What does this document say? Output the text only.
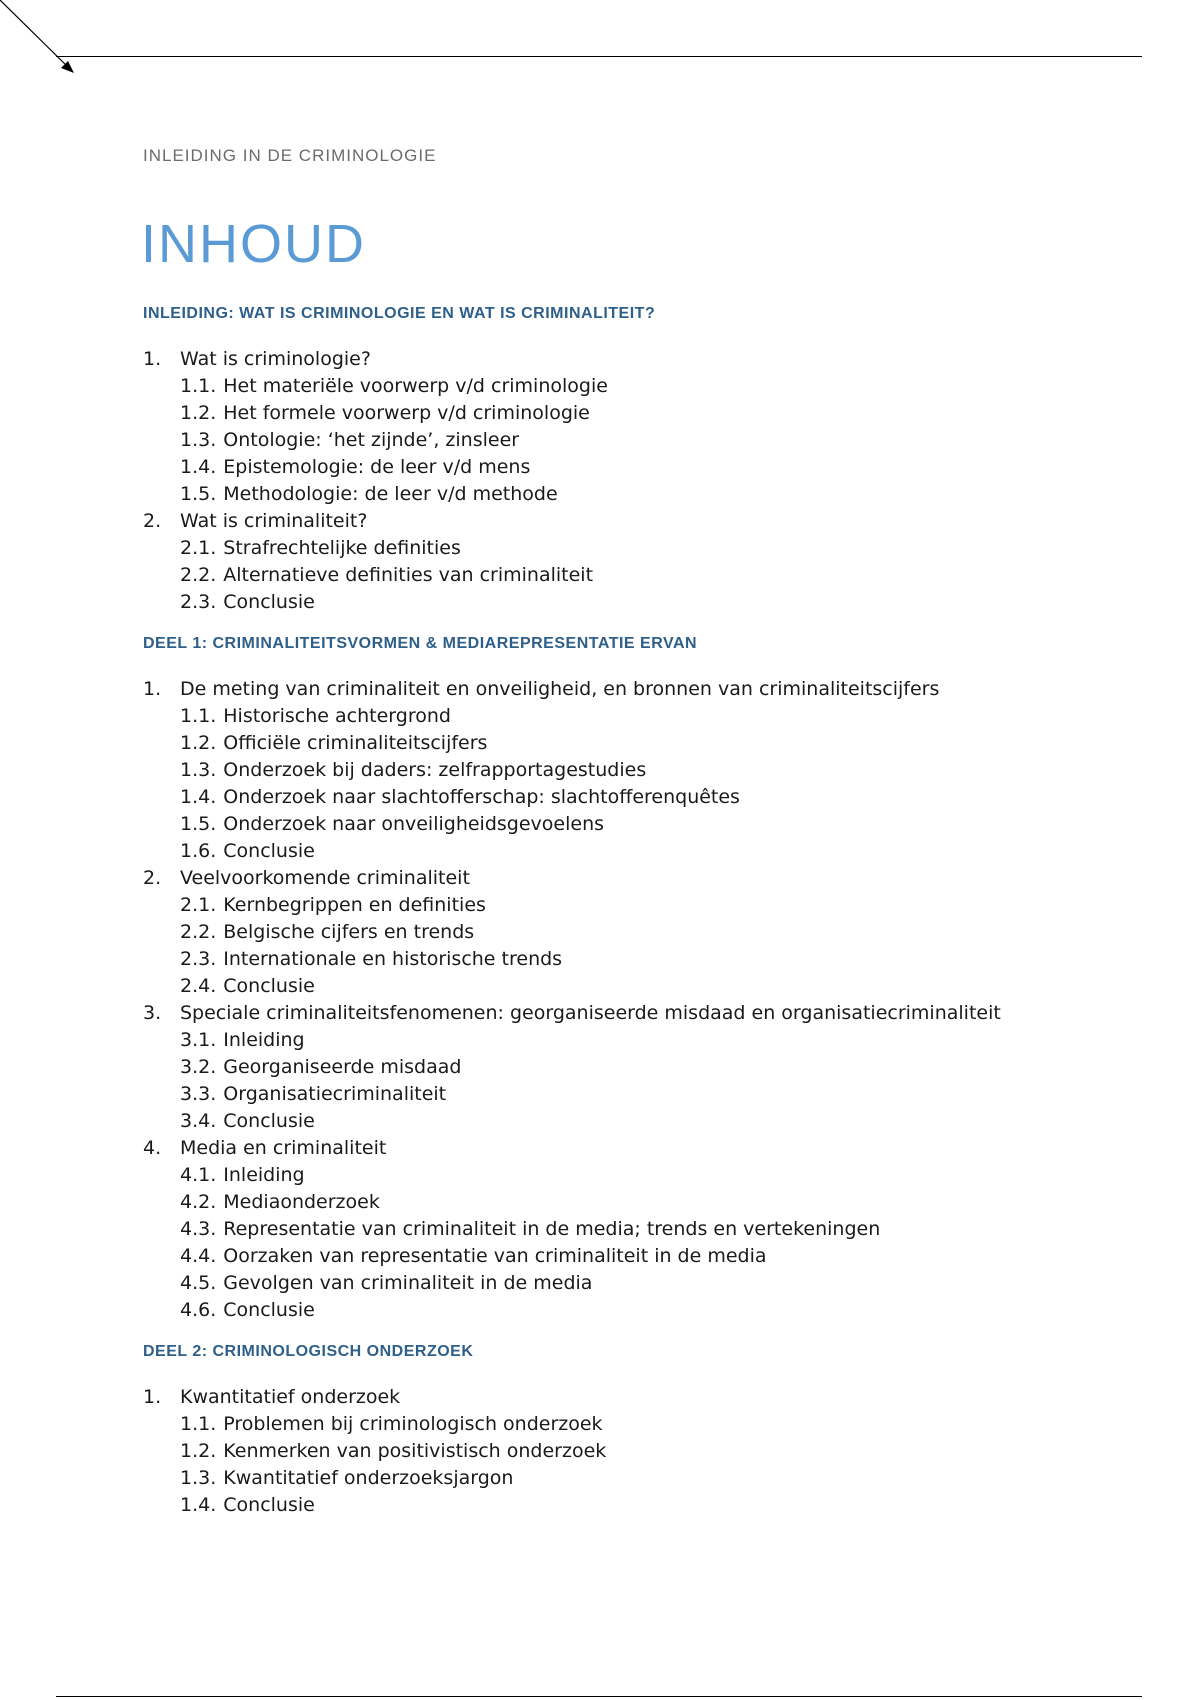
INLEIDING IN DE CRIMINOLOGIE
INHOUD
INLEIDING: WAT IS CRIMINOLOGIE EN WAT IS CRIMINALITEIT?
1. Wat is criminologie?
1.1. Het materiële voorwerp v/d criminologie
1.2. Het formele voorwerp v/d criminologie
1.3. Ontologie: ‘het zijnde’, zinsleer
1.4. Epistemologie: de leer v/d mens
1.5. Methodologie: de leer v/d methode
2. Wat is criminaliteit?
2.1. Strafrechtelijke definities
2.2. Alternatieve definities van criminaliteit
2.3. Conclusie
DEEL 1: CRIMINALITEITSVORMEN & MEDIAREPRESENTATIE ERVAN
1. De meting van criminaliteit en onveiligheid, en bronnen van criminaliteitscijfers
1.1. Historische achtergrond
1.2. Officiële criminaliteitscijfers
1.3. Onderzoek bij daders: zelfrapportagestudies
1.4. Onderzoek naar slachtofferschap: slachtofferenquêtes
1.5. Onderzoek naar onveiligheidsgevoelens
1.6. Conclusie
2. Veelvoorkomende criminaliteit
2.1. Kernbegrippen en definities
2.2. Belgische cijfers en trends
2.3. Internationale en historische trends
2.4. Conclusie
3. Speciale criminaliteitsfenomenen: georganiseerde misdaad en organisatiecriminaliteit
3.1. Inleiding
3.2. Georganiseerde misdaad
3.3. Organisatiecriminaliteit
3.4. Conclusie
4. Media en criminaliteit
4.1. Inleiding
4.2. Mediaonderzoek
4.3. Representatie van criminaliteit in de media; trends en vertekeningen
4.4. Oorzaken van representatie van criminaliteit in de media
4.5. Gevolgen van criminaliteit in de media
4.6. Conclusie
DEEL 2: CRIMINOLOGISCH ONDERZOEK
1. Kwantitatief onderzoek
1.1. Problemen bij criminologisch onderzoek
1.2. Kenmerken van positivistisch onderzoek
1.3. Kwantitatief onderzoeksjargon
1.4. Conclusie
